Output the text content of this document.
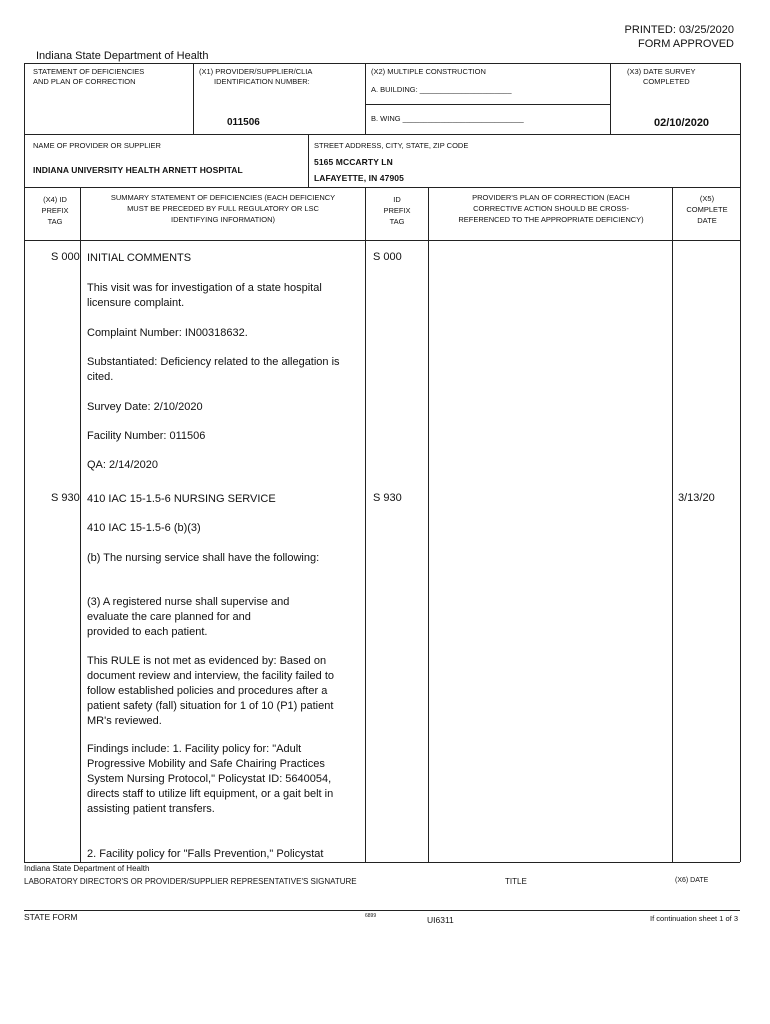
PRINTED: 03/25/2020
FORM APPROVED
Indiana State Department of Health
STATEMENT OF DEFICIENCIES
AND PLAN OF CORRECTION
(X1) PROVIDER/SUPPLIER/CLIA
IDENTIFICATION NUMBER:
011506
(X2) MULTIPLE CONSTRUCTION
A. BUILDING: ______________________
B. WING _____________________________
(X3) DATE SURVEY
COMPLETED
02/10/2020
NAME OF PROVIDER OR SUPPLIER
INDIANA UNIVERSITY HEALTH ARNETT HOSPITAL
STREET ADDRESS, CITY, STATE, ZIP CODE
5165 MCCARTY LN
LAFAYETTE, IN 47905
(X4) ID PREFIX TAG
SUMMARY STATEMENT OF DEFICIENCIES (EACH DEFICIENCY MUST BE PRECEDED BY FULL REGULATORY OR LSC IDENTIFYING INFORMATION)
ID PREFIX TAG
PROVIDER'S PLAN OF CORRECTION (EACH CORRECTIVE ACTION SHOULD BE CROSS-REFERENCED TO THE APPROPRIATE DEFICIENCY)
(X5) COMPLETE DATE
S 000	S 000
INITIAL COMMENTS
This visit was for investigation of a state hospital licensure complaint.
Complaint Number: IN00318632.
Substantiated: Deficiency related to the allegation is cited.
Survey Date: 2/10/2020
Facility Number: 011506
QA: 2/14/2020
S 930	S 930	3/13/20
410 IAC 15-1.5-6 NURSING SERVICE
410 IAC 15-1.5-6 (b)(3)
(b) The nursing service shall have the following:
(3) A registered nurse shall supervise and evaluate the care planned for and provided to each patient.
This RULE is not met as evidenced by: Based on document review and interview, the facility failed to follow established policies and procedures after a patient safety (fall) situation for 1 of 10 (P1) patient MR's reviewed.
Findings include: 1. Facility policy for: "Adult Progressive Mobility and Safe Chairing Practices System Nursing Protocol," Policystat ID: 5640054, directs staff to utilize lift equipment, or a gait belt in assisting patient transfers.
2. Facility policy for "Falls Prevention," Policystat
Indiana State Department of Health
LABORATORY DIRECTOR'S OR PROVIDER/SUPPLIER REPRESENTATIVE'S SIGNATURE	TITLE	(X6) DATE
STATE FORM	6899	UI6311	If continuation sheet 1 of 3
